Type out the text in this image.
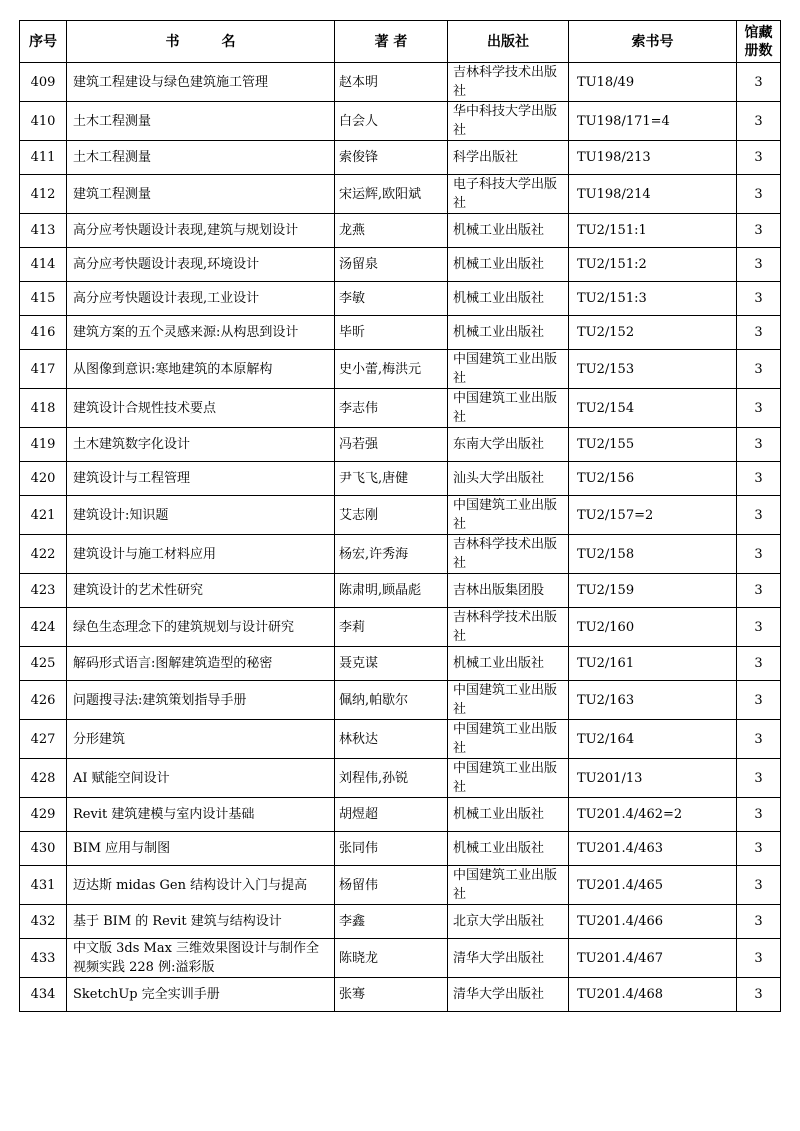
序号	书　　　名	著 者	出版社	索书号	馆藏册数
409	建筑工程建设与绿色建筑施工管理	赵本明	吉林科学技术出版社	TU18/49	3
410	土木工程测量	白会人	华中科技大学出版社	TU198/171=4	3
411	土木工程测量	索俊锋	科学出版社	TU198/213	3
412	建筑工程测量	宋运辉,欧阳斌	电子科技大学出版社	TU198/214	3
413	高分应考快题设计表现,建筑与规划设计	龙燕	机械工业出版社	TU2/151:1	3
414	高分应考快题设计表现,环境设计	汤留泉	机械工业出版社	TU2/151:2	3
415	高分应考快题设计表现,工业设计	李敏	机械工业出版社	TU2/151:3	3
416	建筑方案的五个灵感来源:从构思到设计	毕昕	机械工业出版社	TU2/152	3
417	从图像到意识:寒地建筑的本原解构	史小蕾,梅洪元	中国建筑工业出版社	TU2/153	3
418	建筑设计合规性技术要点	李志伟	中国建筑工业出版社	TU2/154	3
419	土木建筑数字化设计	冯若强	东南大学出版社	TU2/155	3
420	建筑设计与工程管理	尹飞飞,唐健	汕头大学出版社	TU2/156	3
421	建筑设计:知识题	艾志刚	中国建筑工业出版社	TU2/157=2	3
422	建筑设计与施工材料应用	杨宏,许秀海	吉林科学技术出版社	TU2/158	3
423	建筑设计的艺术性研究	陈肃明,顾晶彪	吉林出版集团股	TU2/159	3
424	绿色生态理念下的建筑规划与设计研究	李莉	吉林科学技术出版社	TU2/160	3
425	解码形式语言:图解建筑造型的秘密	聂克谋	机械工业出版社	TU2/161	3
426	问题搜寻法:建筑策划指导手册	佩纳,帕歇尔	中国建筑工业出版社	TU2/163	3
427	分形建筑	林秋达	中国建筑工业出版社	TU2/164	3
428	AI 赋能空间设计	刘程伟,孙锐	中国建筑工业出版社	TU201/13	3
429	Revit 建筑建模与室内设计基础	胡煜超	机械工业出版社	TU201.4/462=2	3
430	BIM 应用与制图	张同伟	机械工业出版社	TU201.4/463	3
431	迈达斯 midas Gen 结构设计入门与提高	杨留伟	中国建筑工业出版社	TU201.4/465	3
432	基于 BIM 的 Revit 建筑与结构设计	李鑫	北京大学出版社	TU201.4/466	3
433	中文版 3ds Max 三维效果图设计与制作全视频实践 228 例:溢彩版	陈晓龙	清华大学出版社	TU201.4/467	3
434	SketchUp 完全实训手册	张骞	清华大学出版社	TU201.4/468	3
